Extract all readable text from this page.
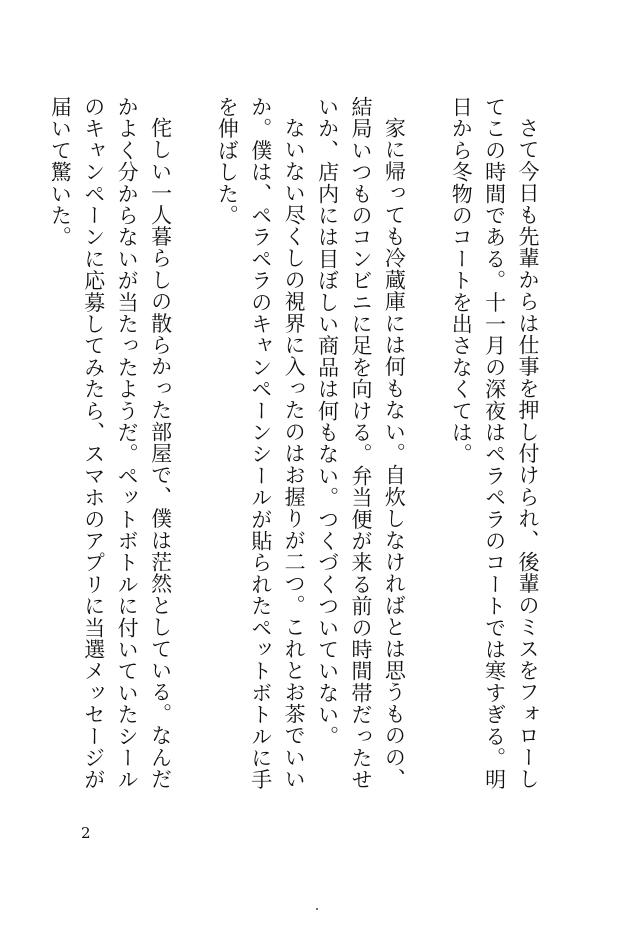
さて今日も先輩からは仕事を押し付けられ、後輩のミスをフォローしてこの時間である。十一月の深夜はペラペラのコートでは寒すぎる。明日から冬物のコートを出さなくては。

家に帰っても冷蔵庫には何もない。自炊しなければとは思うものの、結局いつものコンビニに足を向ける。弁当便が来る前の時間帯だったせいか、店内には目ぼしい商品は何もない。つくづくついていない。

ないない尽くしの視界に入ったのはお握りが二つ。これとお茶でいいか。僕は、ペラペラのキャンペーンシールが貼られたペットボトルに手を伸ばした。

侘しい一人暮らしの散らかった部屋で、僕は茫然としている。なんだかよく分からないが当たったようだ。ペットボトルに付いていたシールのキャンペーンに応募してみたら、スマホのアプリに当選メッセージが届いて驚いた。

2
